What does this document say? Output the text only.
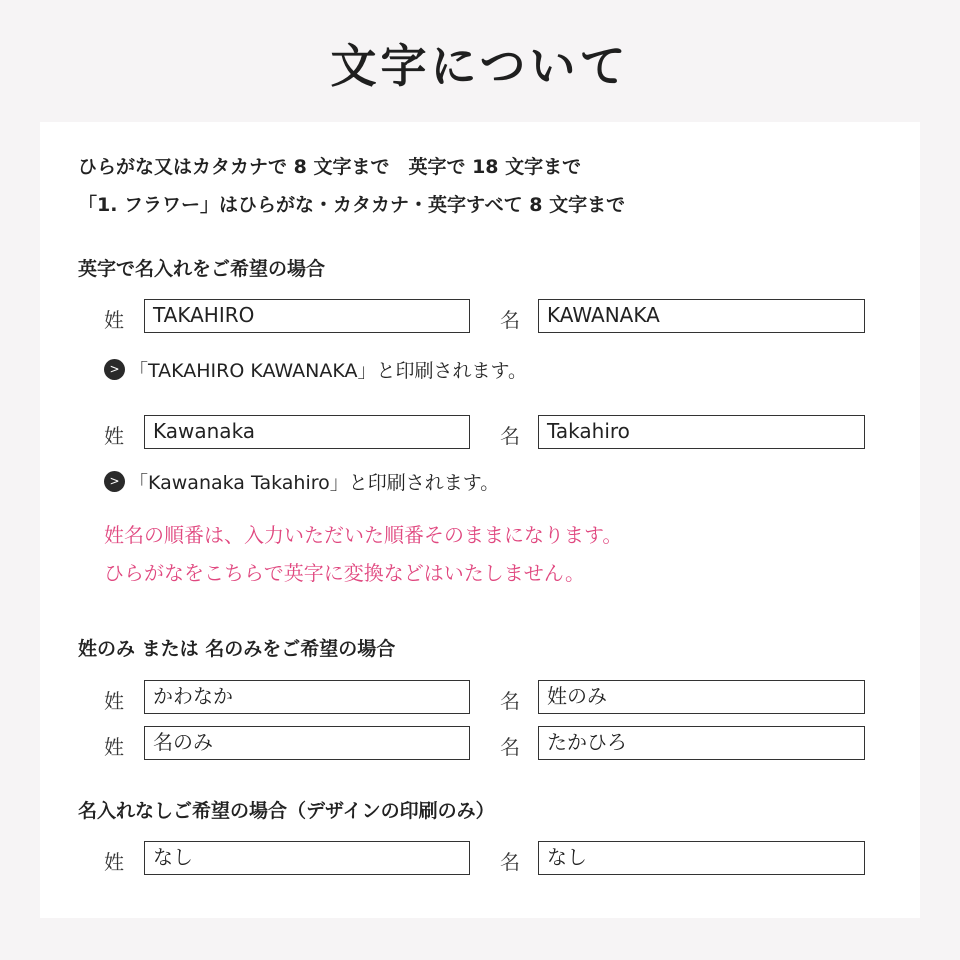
文字について
ひらがな又はカタカナで 8 文字まで　英字で 18 文字まで
「1. フラワー」はひらがな・カタカナ・英字すべて 8 文字まで
英字で名入れをご希望の場合
姓	TAKAHIRO	名	KAWANAKA
> 「TAKAHIRO KAWANAKA」と印刷されます。
姓	Kawanaka	名	Takahiro
> 「Kawanaka Takahiro」と印刷されます。
姓名の順番は、入力いただいた順番そのままになります。
ひらがなをこちらで英字に変換などはいたしません。
姓のみ または 名のみをご希望の場合
姓	かわなか	名	姓のみ
姓	名のみ	名	たかひろ
名入れなしご希望の場合（デザインの印刷のみ）
姓	なし	名	なし
